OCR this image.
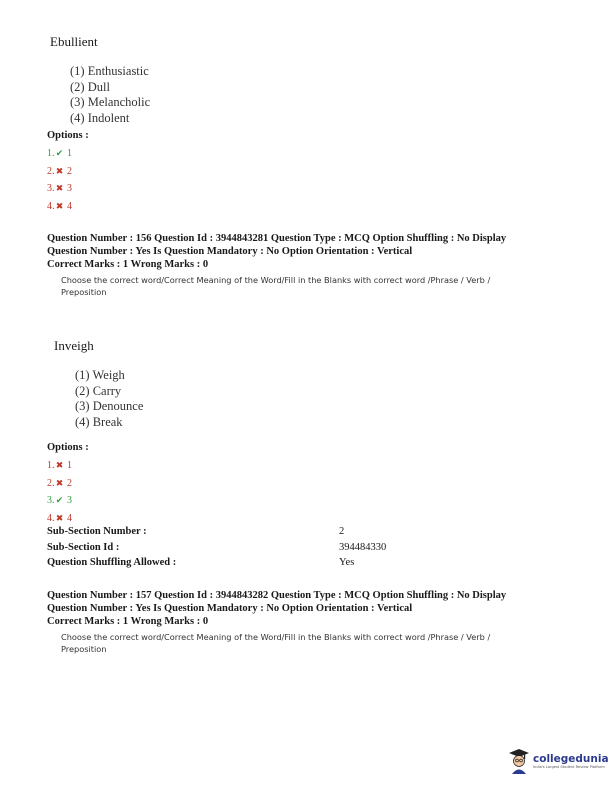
Ebullient
(1) Enthusiastic
(2) Dull
(3) Melancholic
(4) Indolent
Options :
1.✔ 1
2.✖ 2
3.✖ 3
4.✖ 4
Question Number : 156 Question Id : 3944843281 Question Type : MCQ Option Shuffling : No Display
Question Number : Yes Is Question Mandatory : No Option Orientation : Vertical
Correct Marks : 1 Wrong Marks : 0
Choose the correct word/Correct Meaning of the Word/Fill in the Blanks with correct word /Phrase / Verb / Preposition
Inveigh
(1) Weigh
(2) Carry
(3) Denounce
(4) Break
Options :
1.✖ 1
2.✖ 2
3.✔ 3
4.✖ 4
Sub-Section Number :	2
Sub-Section Id :	394484330
Question Shuffling Allowed :	Yes
Question Number : 157 Question Id : 3944843282 Question Type : MCQ Option Shuffling : No Display
Question Number : Yes Is Question Mandatory : No Option Orientation : Vertical
Correct Marks : 1 Wrong Marks : 0
Choose the correct word/Correct Meaning of the Word/Fill in the Blanks with correct word /Phrase / Verb / Preposition
collegedunia
India's Largest Student Review Platform
